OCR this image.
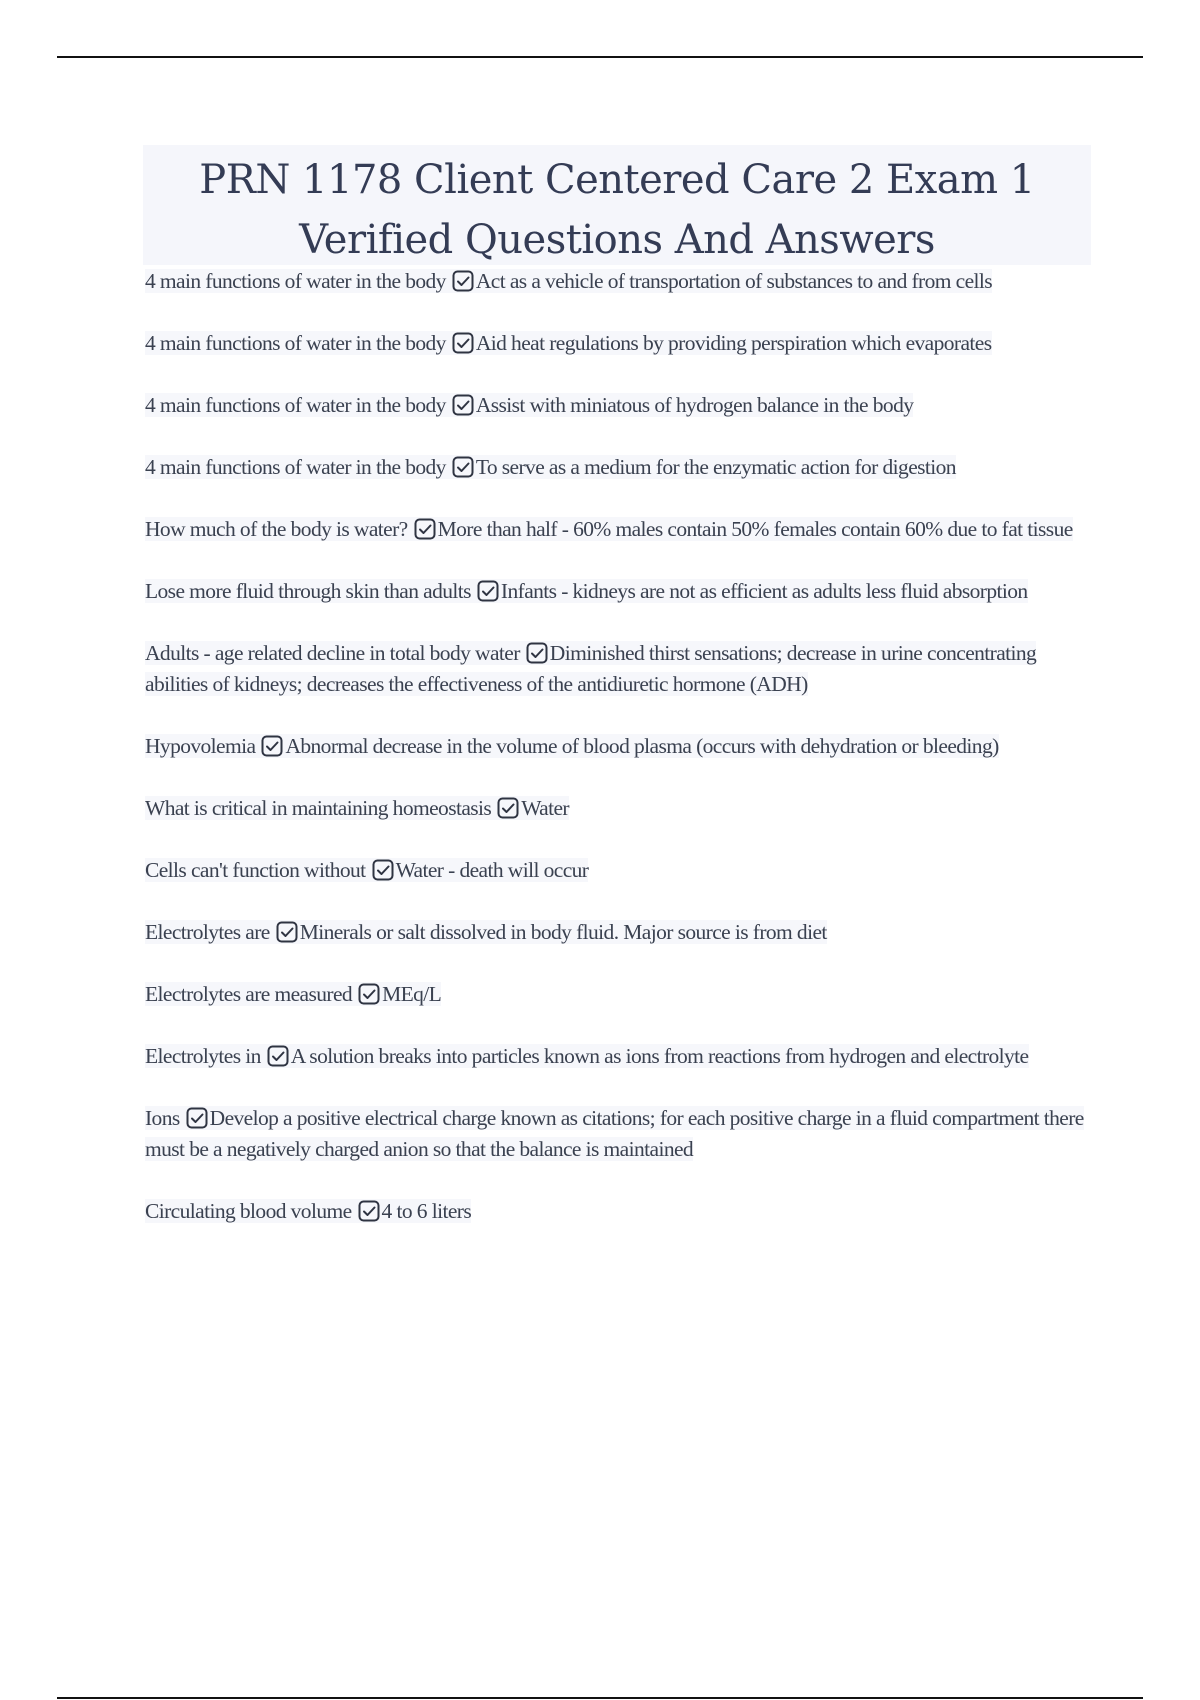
PRN 1178 Client Centered Care 2 Exam 1 Verified Questions And Answers
4 main functions of water in the body Act as a vehicle of transportation of substances to and from cells
4 main functions of water in the body Aid heat regulations by providing perspiration which evaporates
4 main functions of water in the body Assist with miniatous of hydrogen balance in the body
4 main functions of water in the body To serve as a medium for the enzymatic action for digestion
How much of the body is water? More than half - 60% males contain 50% females contain 60% due to fat tissue
Lose more fluid through skin than adults Infants - kidneys are not as efficient as adults less fluid absorption
Adults - age related decline in total body water Diminished thirst sensations; decrease in urine concentrating abilities of kidneys; decreases the effectiveness of the antidiuretic hormone (ADH)
Hypovolemia Abnormal decrease in the volume of blood plasma (occurs with dehydration or bleeding)
What is critical in maintaining homeostasis Water
Cells can't function without Water - death will occur
Electrolytes are Minerals or salt dissolved in body fluid. Major source is from diet
Electrolytes are measured MEq/L
Electrolytes in A solution breaks into particles known as ions from reactions from hydrogen and electrolyte
Ions Develop a positive electrical charge known as citations; for each positive charge in a fluid compartment there must be a negatively charged anion so that the balance is maintained
Circulating blood volume 4 to 6 liters
